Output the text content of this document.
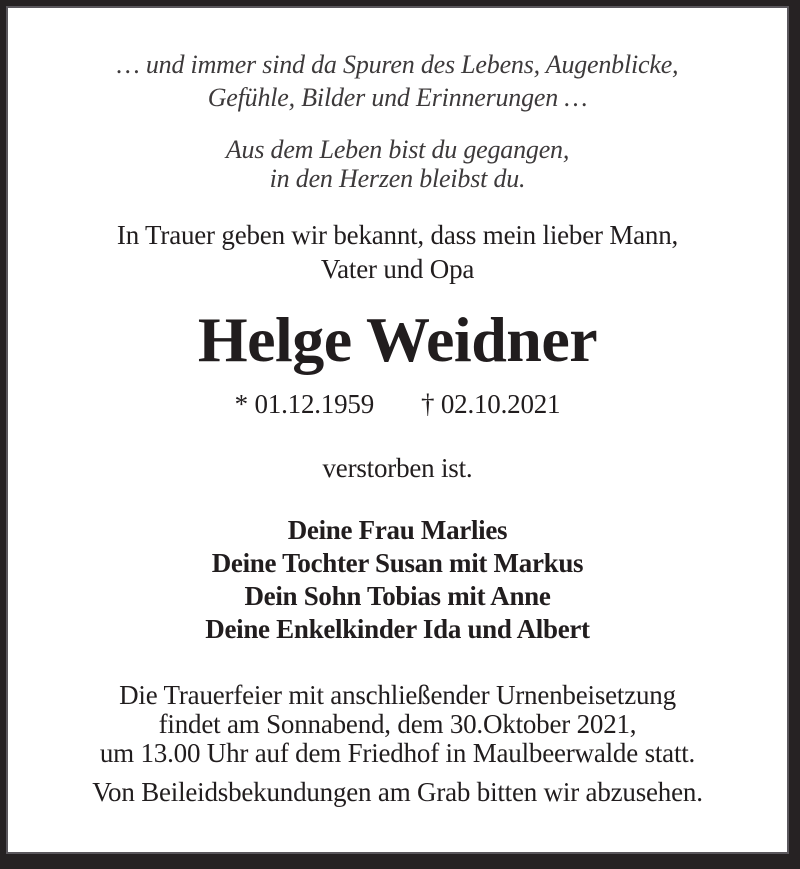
… und immer sind da Spuren des Lebens, Augenblicke,
Gefühle, Bilder und Erinnerungen …
Aus dem Leben bist du gegangen,
in den Herzen bleibst du.
In Trauer geben wir bekannt, dass mein lieber Mann,
Vater und Opa
Helge Weidner
* 01.12.1959 † 02.10.2021
verstorben ist.
Deine Frau Marlies
Deine Tochter Susan mit Markus
Dein Sohn Tobias mit Anne
Deine Enkelkinder Ida und Albert
Die Trauerfeier mit anschließender Urnenbeisetzung
findet am Sonnabend, dem 30.Oktober 2021,
um 13.00 Uhr auf dem Friedhof in Maulbeerwalde statt.
Von Beileidsbekundungen am Grab bitten wir abzusehen.
